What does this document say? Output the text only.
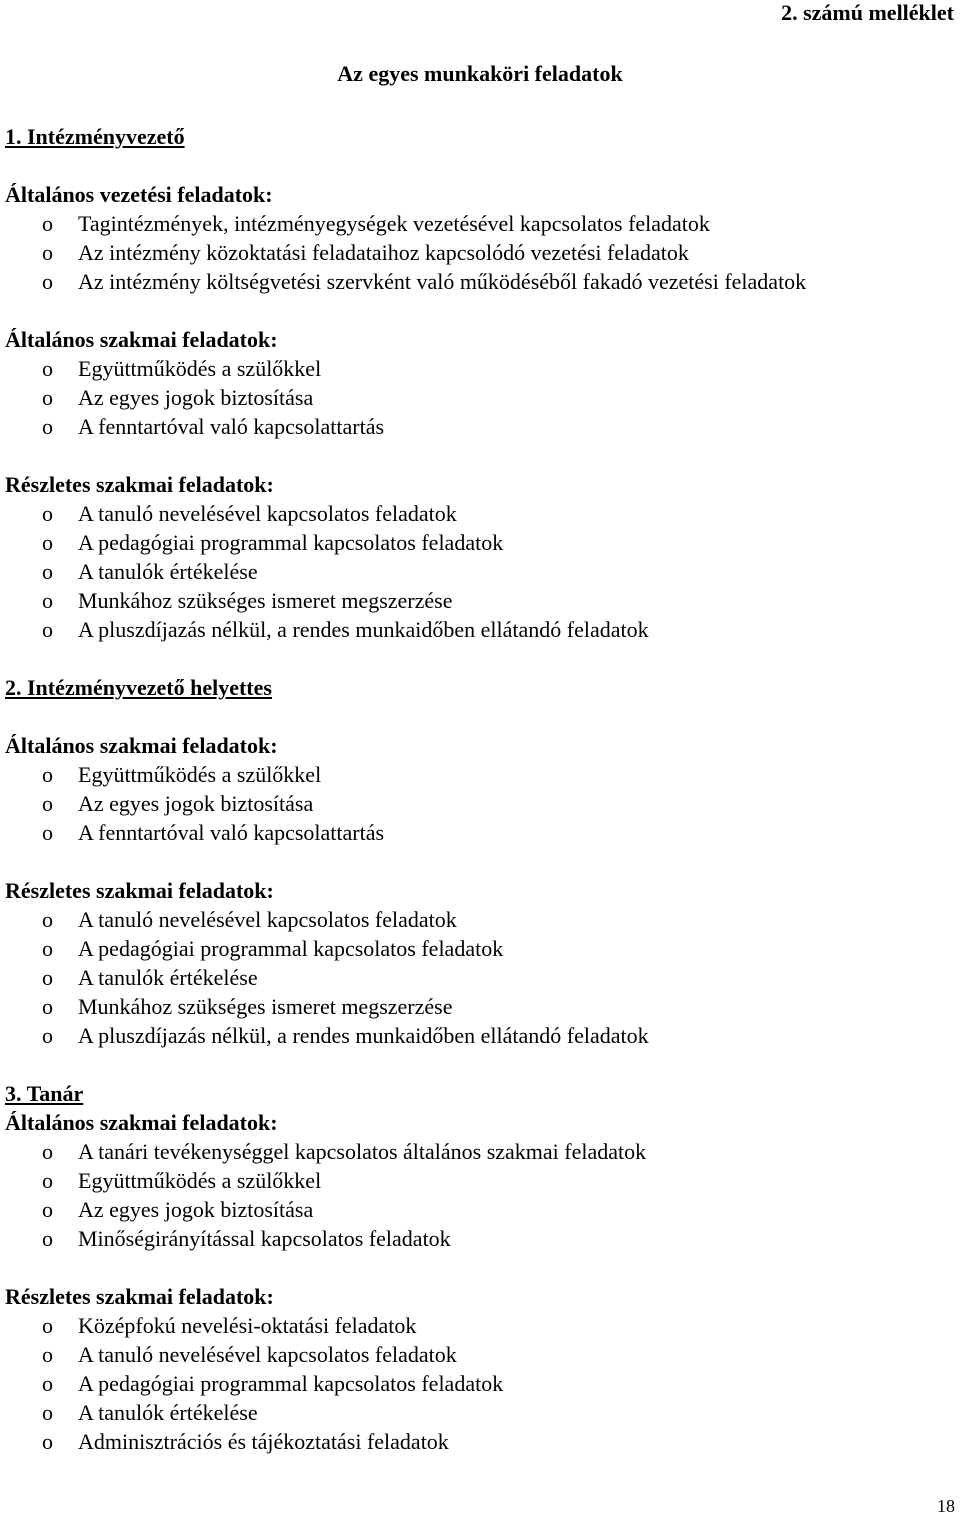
2. számú melléklet
Az egyes munkaköri feladatok
1. Intézményvezető
Általános vezetési feladatok:
o Tagintézmények, intézményegységek vezetésével kapcsolatos feladatok
o Az intézmény közoktatási feladataihoz kapcsolódó vezetési feladatok
o Az intézmény költségvetési szervként való működéséből fakadó vezetési feladatok
Általános szakmai feladatok:
o Együttműködés a szülőkkel
o Az egyes jogok biztosítása
o A fenntartóval való kapcsolattartás
Részletes szakmai feladatok:
o A tanuló nevelésével kapcsolatos feladatok
o A pedagógiai programmal kapcsolatos feladatok
o A tanulók értékelése
o Munkához szükséges ismeret megszerzése
o A pluszdíjazás nélkül, a rendes munkaidőben ellátandó feladatok
2. Intézményvezető helyettes
Általános szakmai feladatok:
o Együttműködés a szülőkkel
o Az egyes jogok biztosítása
o A fenntartóval való kapcsolattartás
Részletes szakmai feladatok:
o A tanuló nevelésével kapcsolatos feladatok
o A pedagógiai programmal kapcsolatos feladatok
o A tanulók értékelése
o Munkához szükséges ismeret megszerzése
o A pluszdíjazás nélkül, a rendes munkaidőben ellátandó feladatok
3. Tanár
Általános szakmai feladatok:
o A tanári tevékenységgel kapcsolatos általános szakmai feladatok
o Együttműködés a szülőkkel
o Az egyes jogok biztosítása
o Minőségirányítással kapcsolatos feladatok
Részletes szakmai feladatok:
o Középfokú nevelési-oktatási feladatok
o A tanuló nevelésével kapcsolatos feladatok
o A pedagógiai programmal kapcsolatos feladatok
o A tanulók értékelése
o Adminisztrációs és tájékoztatási feladatok
18
